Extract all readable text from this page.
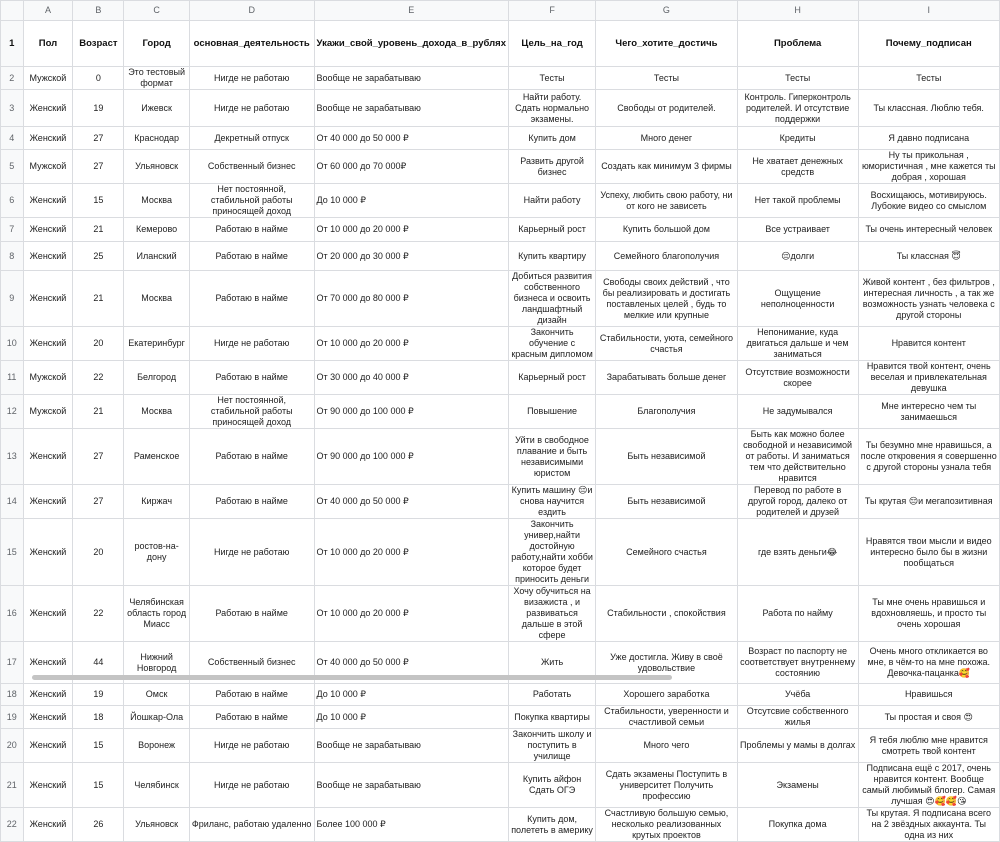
	A	B	C	D	E	F	G	H	I
1	Пол	Возраст	Город	основная_деятельность	Укажи_свой_уровень_дохода_в_рублях	Цель_на_год	Чего_хотите_достичь	Проблема	Почему_подписан
2	Мужской	0	Это тестовый формат	Нигде не работаю	Вообще не зарабатываю	Тесты	Тесты	Тесты	Тесты
3	Женский	19	Ижевск	Нигде не работаю	Вообще не зарабатываю	Найти работу. Сдать нормально экзамены.	Свободы от родителей.	Контроль. Гиперконтроль родителей. И отсутствие поддержки	Ты классная. Люблю тебя.
4	Женский	27	Краснодар	Декретный отпуск	От 40 000 до 50 000 ₽	Купить дом	Много денег	Кредиты	Я давно подписана
5	Мужской	27	Ульяновск	Собственный бизнес	От 60 000 до 70 000₽	Развить другой бизнес	Создать как минимум 3 фирмы	Не хватает денежных средств	Ну ты прикольная , юмористичная , мне кажется ты добрая , хорошая
6	Женский	15	Москва	Нет постоянной, стабильной работы приносящей доход	До 10 000 ₽	Найти работу	Успеху, любить свою работу, ни от кого не зависеть	Нет такой проблемы	Восхищаюсь, мотивируюсь. Лубокие видео со смыслом
7	Женский	21	Кемерово	Работаю в найме	От 10 000 до 20 000 ₽	Карьерный рост	Купить большой дом	Все устраивает	Ты очень интересный человек
8	Женский	25	Иланский	Работаю в найме	От 20 000 до 30 000 ₽	Купить квартиру	Семейного благополучия	😔долги	Ты классная 😇
9	Женский	21	Москва	Работаю в найме	От 70 000 до 80 000 ₽	Добиться развития собственного бизнеса и освоить ландшафтный дизайн	Свободы своих действий , что бы реализировать и достигать поставленых целей , будь то мелкие или крупные	Ощущение неполноценности	Живой контент , без фильтров , интересная личность , а так же возможность узнать человека с другой стороны
10	Женский	20	Екатеринбург	Нигде не работаю	От 10 000 до 20 000 ₽	Закончить обучение с красным дипломом	Стабильности, уюта, семейного счастья	Непонимание, куда двигаться дальше и чем заниматься	Нравится контент
11	Мужской	22	Белгород	Работаю в найме	От 30 000 до 40 000 ₽	Карьерный рост	Зарабатывать больше денег	Отсутствие возможности скорее	Нравится твой контент, очень веселая и привлекательная девушка
12	Мужской	21	Москва	Нет постоянной, стабильной работы приносящей доход	От 90 000 до 100 000 ₽	Повышение	Благополучия	Не задумывался	Мне интересно чем ты занимаешься
13	Женский	27	Раменское	Работаю в найме	От 90 000 до 100 000 ₽	Уйти в свободное плавание и быть независимыми юристом	Быть независимой	Быть как можно более свободной и независимой от работы. И заниматься тем что действительно нравится	Ты безумно мне нравишься, а после откровения я совершенно с другой стороны узнала тебя
14	Женский	27	Киржач	Работаю в найме	От 40 000 до 50 000 ₽	Купить машину 😔и снова научится ездить	Быть независимой	Перевод по работе в другой город, далеко от родителей и друзей	Ты крутая 😔и мегапозитивная
15	Женский	20	ростов-на-дону	Нигде не работаю	От 10 000 до 20 000 ₽	Закончить универ,найти достойную работу,найти хобби которое будет приносить деньги	Семейного счастья	где взять деньги😂	Нравятся твои мысли и видео интересно было бы в жизни пообщаться
16	Женский	22	Челябинская область город Миасс	Работаю в найме	От 10 000 до 20 000 ₽	Хочу обучиться на визажиста , и развиваться дальше в этой сфере	Стабильности , спокойствия	Работа по найму	Ты мне очень нравишься и вдохновляешь, и просто ты очень хорошая
17	Женский	44	Нижний Новгород	Собственный бизнес	От 40 000 до 50 000 ₽	Жить	Уже достигла. Живу в своё удовольствие	Возраст по паспорту не соответствует внутреннему состоянию	Очень много откликается во мне, в чём-то на мне похожа. Девочка-пацанка🥰
18	Женский	19	Омск	Работаю в найме	До 10 000 ₽	Работать	Хорошего заработка	Учёба	Нравишься
19	Женский	18	Йошкар-Ола	Работаю в найме	До 10 000 ₽	Покупка квартиры	Стабильности, уверенности и счастливой семьи	Отсутсвие собственного жилья	Ты простая и своя 😍
20	Женский	15	Воронеж	Нигде не работаю	Вообще не зарабатываю	Закончить школу и поступить в училище	Много чего	Проблемы у мамы в долгах	Я тебя люблю мне нравится смотреть твой контент
21	Женский	15	Челябинск	Нигде не работаю	Вообще не зарабатываю	Купить айфон Сдать ОГЭ	Сдать экзамены Поступить в университет Получить профессию	Экзамены	Подписана ещё с 2017, очень нравится контент. Вообще самый любимый блогер. Самая лучшая 😍🥰🥰😘
22	Женский	26	Ульяновск	Фриланс, работаю удаленно	Более 100 000 ₽	Купить дом, полететь в америку	Счастливую большую семью, несколько реализованных крутых проектов	Покупка дома	Ты крутая. Я подписана всего на 2 звёздных аккаунта. Ты одна из них
